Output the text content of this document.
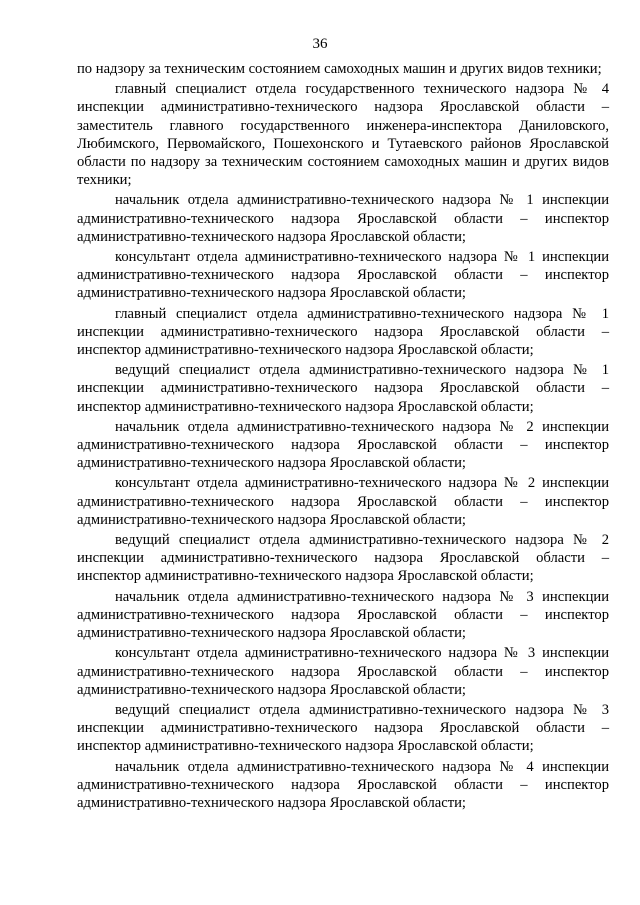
36

по надзору за техническим состоянием самоходных машин и других видов техники;

главный специалист отдела государственного технического надзора № 4 инспекции административно-технического надзора Ярославской области – заместитель главного государственного инженера-инспектора Даниловского, Любимского, Первомайского, Пошехонского и Тутаевского районов Ярославской области по надзору за техническим состоянием самоходных машин и других видов техники;

начальник отдела административно-технического надзора № 1 инспекции административно-технического надзора Ярославской области – инспектор административно-технического надзора Ярославской области;

консультант отдела административно-технического надзора № 1 инспекции административно-технического надзора Ярославской области – инспектор административно-технического надзора Ярославской области;

главный специалист отдела административно-технического надзора № 1 инспекции административно-технического надзора Ярославской области – инспектор административно-технического надзора Ярославской области;

ведущий специалист отдела административно-технического надзора № 1 инспекции административно-технического надзора Ярославской области – инспектор административно-технического надзора Ярославской области;

начальник отдела административно-технического надзора № 2 инспекции административно-технического надзора Ярославской области – инспектор административно-технического надзора Ярославской области;

консультант отдела административно-технического надзора № 2 инспекции административно-технического надзора Ярославской области – инспектор административно-технического надзора Ярославской области;

ведущий специалист отдела административно-технического надзора № 2 инспекции административно-технического надзора Ярославской области – инспектор административно-технического надзора Ярославской области;

начальник отдела административно-технического надзора № 3 инспекции административно-технического надзора Ярославской области – инспектор административно-технического надзора Ярославской области;

консультант отдела административно-технического надзора № 3 инспекции административно-технического надзора Ярославской области – инспектор административно-технического надзора Ярославской области;

ведущий специалист отдела административно-технического надзора № 3 инспекции административно-технического надзора Ярославской области – инспектор административно-технического надзора Ярославской области;

начальник отдела административно-технического надзора № 4 инспекции административно-технического надзора Ярославской области – инспектор административно-технического надзора Ярославской области;
